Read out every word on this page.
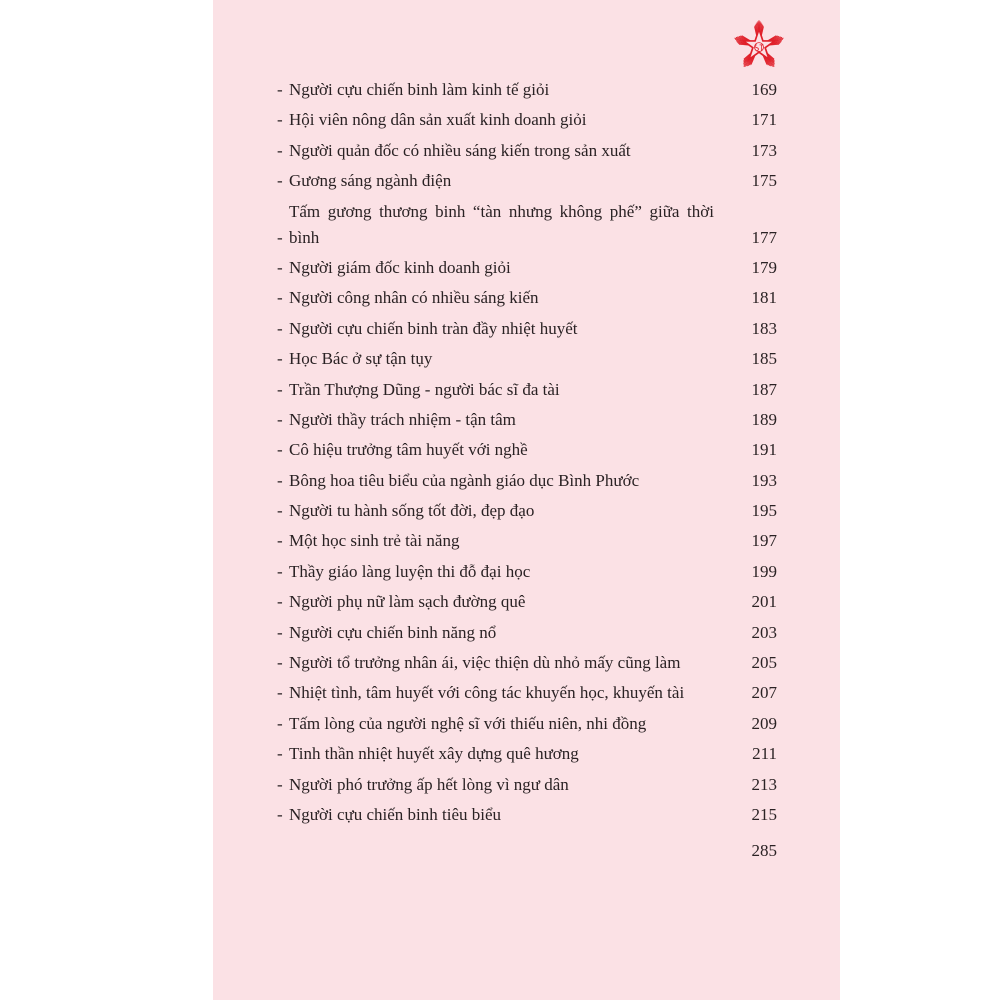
- Người cựu chiến binh làm kinh tế giỏi	169
- Hội viên nông dân sản xuất kinh doanh giỏi	171
- Người quản đốc có nhiều sáng kiến trong sản xuất	173
- Gương sáng ngành điện	175
-
Tấm gương thương binh “tàn nhưng không phế” giữa thời bình	177
- Người giám đốc kinh doanh giỏi	179
- Người công nhân có nhiều sáng kiến	181
- Người cựu chiến binh tràn đầy nhiệt huyết	183
- Học Bác ở sự tận tụy	185
- Trần Thượng Dũng - người bác sĩ đa tài	187
- Người thầy trách nhiệm - tận tâm	189
- Cô hiệu trưởng tâm huyết với nghề	191
- Bông hoa tiêu biểu của ngành giáo dục Bình Phước	193
- Người tu hành sống tốt đời, đẹp đạo	195
- Một học sinh trẻ tài năng	197
- Thầy giáo làng luyện thi đỗ đại học	199
- Người phụ nữ làm sạch đường quê	201
- Người cựu chiến binh năng nổ	203
- Người tổ trưởng nhân ái, việc thiện dù nhỏ mấy cũng làm	205
- Nhiệt tình, tâm huyết với công tác khuyến học, khuyến tài	207
- Tấm lòng của người nghệ sĩ với thiếu niên, nhi đồng	209
- Tinh thần nhiệt huyết xây dựng quê hương	211
- Người phó trưởng ấp hết lòng vì ngư dân	213
- Người cựu chiến binh tiêu biểu	215
285
